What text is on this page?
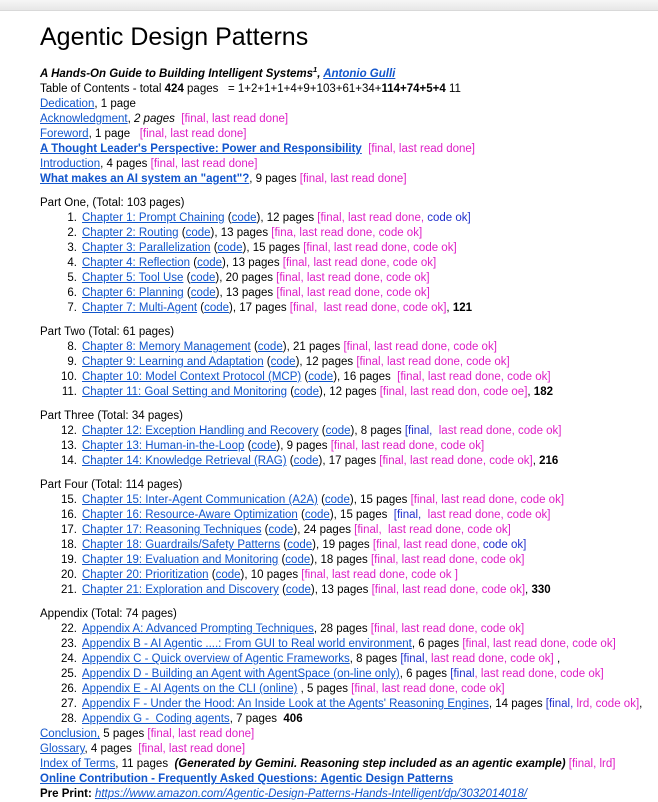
Agentic Design Patterns
A Hands-On Guide to Building Intelligent Systems$^1$, Antonio Gulli
Table of Contents - total 424 pages   = 1+2+1+1+4+9+103+61+34+114+74+5+4 11
Dedication, 1 page
Acknowledgment, 2 pages [final, last read done]
Foreword, 1 page   [final, last read done]
A Thought Leader's Perspective: Power and Responsibility [final, last read done]
Introduction, 4 pages [final, last read done]
What makes an AI system an "agent"?, 9 pages [final, last read done]
Part One, (Total: 103 pages)
1. Chapter 1: Prompt Chaining (code), 12 pages [final, last read done, code ok]
2. Chapter 2: Routing (code), 13 pages [fina, last read done, code ok]
3. Chapter 3: Parallelization (code), 15 pages [final, last read done, code ok]
4. Chapter 4: Reflection (code), 13 pages [final, last read done, code ok]
5. Chapter 5: Tool Use (code), 20 pages [final, last read done, code ok]
6. Chapter 6: Planning (code), 13 pages [final, last read done, code ok]
7. Chapter 7: Multi-Agent (code), 17 pages [final,  last read done, code ok], 121
Part Two (Total: 61 pages)
8. Chapter 8: Memory Management (code), 21 pages [final, last read done, code ok]
9. Chapter 9: Learning and Adaptation (code), 12 pages [final, last read done, code ok]
10. Chapter 10: Model Context Protocol (MCP) (code), 16 pages  [final, last read done, code ok]
11. Chapter 11: Goal Setting and Monitoring (code), 12 pages [final, last read don, code oe], 182
Part Three (Total: 34 pages)
12. Chapter 12: Exception Handling and Recovery (code), 8 pages [final,  last read done, code ok]
13. Chapter 13: Human-in-the-Loop (code), 9 pages [final, last read done, code ok]
14. Chapter 14: Knowledge Retrieval (RAG) (code), 17 pages [final, last read done, code ok], 216
Part Four (Total: 114 pages)
15. Chapter 15: Inter-Agent Communication (A2A) (code), 15 pages [final, last read done, code ok]
16. Chapter 16: Resource-Aware Optimization (code), 15 pages  [final,  last read done, code ok]
17. Chapter 17: Reasoning Techniques (code), 24 pages [final,  last read done, code ok]
18. Chapter 18: Guardrails/Safety Patterns (code), 19 pages [final, last read done, code ok]
19. Chapter 19: Evaluation and Monitoring (code), 18 pages [final, last read done, code ok]
20. Chapter 20: Prioritization (code), 10 pages [final, last read done, code ok ]
21. Chapter 21: Exploration and Discovery (code), 13 pages [final, last read done, code ok], 330
Appendix (Total: 74 pages)
22. Appendix A: Advanced Prompting Techniques, 28 pages [final, last read done, code ok]
23. Appendix B - AI Agentic ....: From GUI to Real world environment, 6 pages [final, last read done, code ok]
24. Appendix C - Quick overview of Agentic Frameworks, 8 pages [final, last read done, code ok] ,
25. Appendix D - Building an Agent with AgentSpace (on-line only), 6 pages [final, last read done, code ok]
26. Appendix E - AI Agents on the CLI (online) , 5 pages [final, last read done, code ok]
27. Appendix F - Under the Hood: An Inside Look at the Agents' Reasoning Engines, 14 pages [final, lrd, code ok],
28. Appendix G -  Coding agents, 7 pages  406
Conclusion, 5 pages [final, last read done]
Glossary, 4 pages  [final, last read done]
Index of Terms, 11 pages  (Generated by Gemini. Reasoning step included as an agentic example) [final, lrd]
Online Contribution - Frequently Asked Questions: Agentic Design Patterns
Pre Print: https://www.amazon.com/Agentic-Design-Patterns-Hands-Intelligent/dp/3032014018/
